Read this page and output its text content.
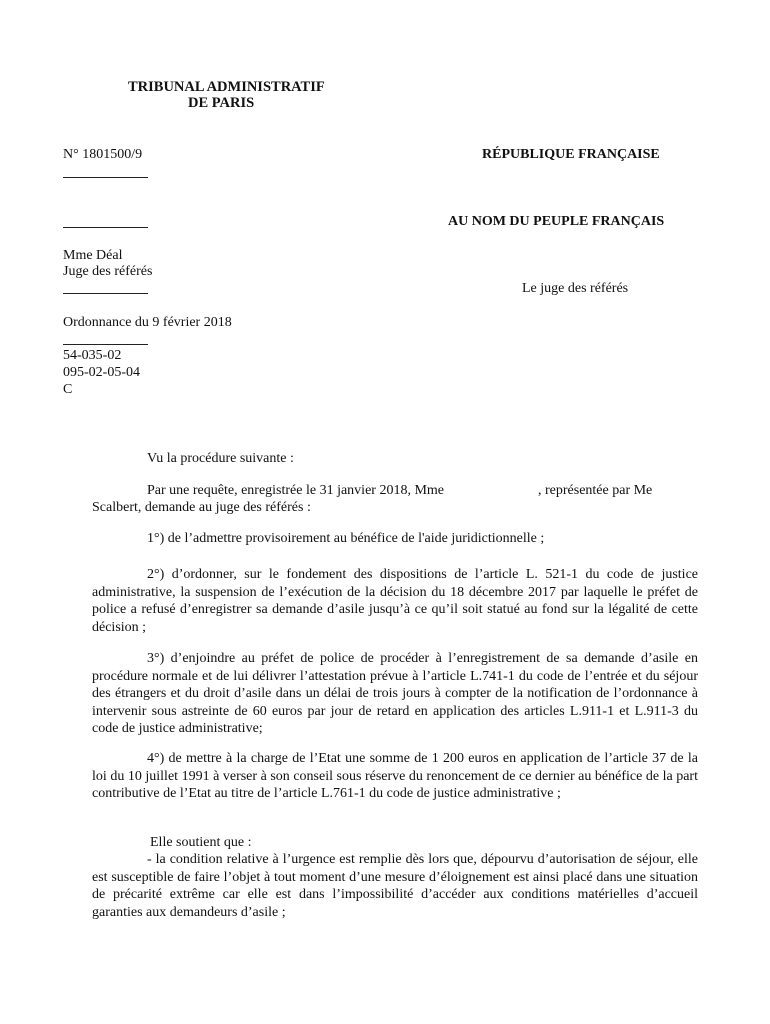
TRIBUNAL ADMINISTRATIF
DE PARIS
N° 1801500/9	RÉPUBLIQUE FRANÇAISE
AU NOM DU PEUPLE FRANÇAIS
Mme Déal
Juge des référés
Le juge des référés
Ordonnance du 9 février 2018
54-035-02
095-02-05-04
C
Vu la procédure suivante :
Par une requête, enregistrée le 31 janvier 2018, Mme	, représentée par Me
Scalbert, demande au juge des référés :
1°) de l’admettre provisoirement au bénéfice de l'aide juridictionnelle ;
2°) d’ordonner, sur le fondement des dispositions de l’article L. 521-1 du code de justice administrative, la suspension de l’exécution de la décision du 18 décembre 2017 par laquelle le préfet de police a refusé d’enregistrer sa demande d’asile jusqu’à ce qu’il soit statué au fond sur la légalité de cette décision ;
3°) d’enjoindre au préfet de police de procéder à l’enregistrement de sa demande d’asile en procédure normale et de lui délivrer l’attestation prévue à l’article L.741-1 du code de l’entrée et du séjour des étrangers et du droit d’asile dans un délai de trois jours à compter de la notification de l’ordonnance à intervenir sous astreinte de 60 euros par jour de retard en application des articles L.911-1 et L.911-3 du code de justice administrative;
4°) de mettre à la charge de l’Etat une somme de 1 200 euros en application de l’article 37 de la loi du 10 juillet 1991 à verser à son conseil sous réserve du renoncement de ce dernier au bénéfice de la part contributive de l’Etat au titre de l’article L.761-1 du code de justice administrative ;
Elle soutient que :
- la condition relative à l’urgence est remplie dès lors que, dépourvu d’autorisation de séjour, elle est susceptible de faire l’objet à tout moment d’une mesure d’éloignement est ainsi placé dans une situation de précarité extrême car elle est dans l’impossibilité d’accéder aux conditions matérielles d’accueil garanties aux demandeurs d’asile ;
